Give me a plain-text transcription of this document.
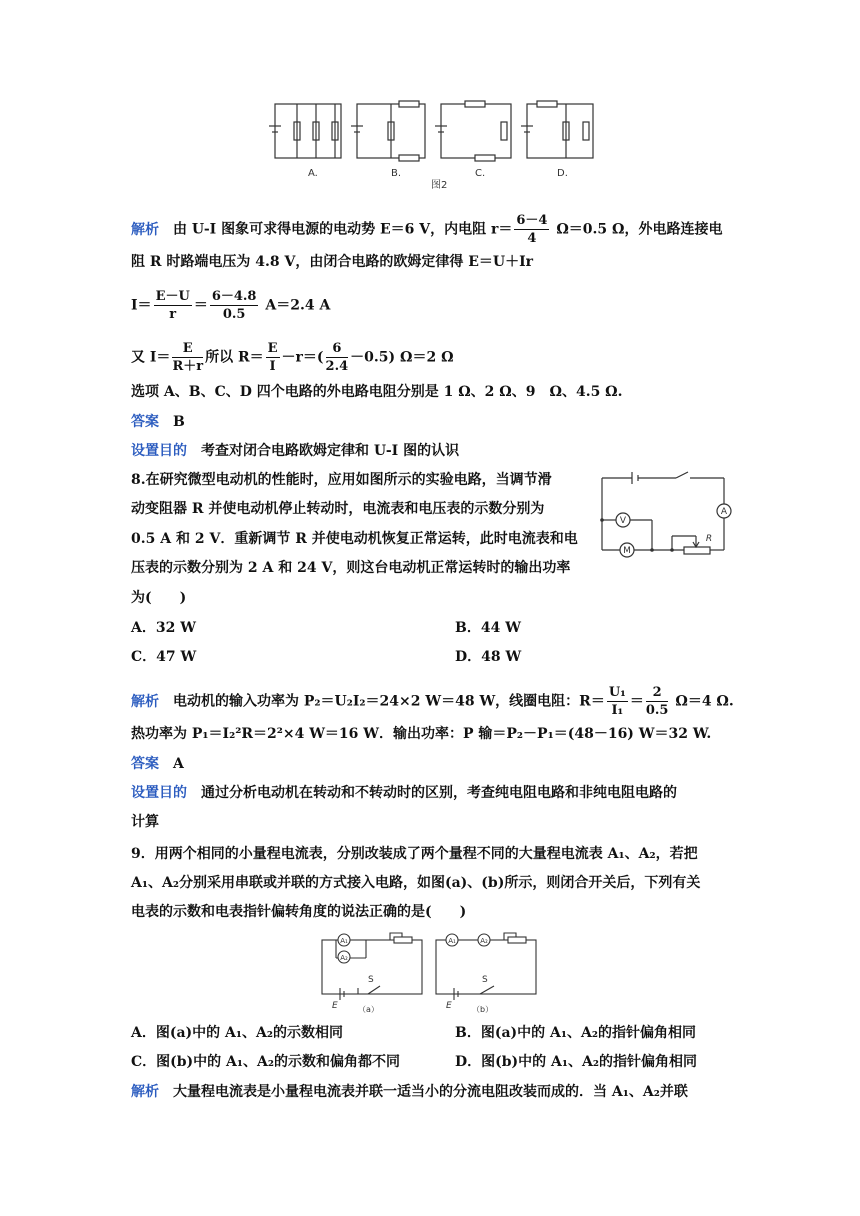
A.	B.	C.	D.
图2
解析 由 U-I 图象可求得电源的电动势 E＝6 V，内电阻 $r= \frac{6-4}{4} \Omega=0.5$ Ω，外电路连接电
阻 R 时路端电压为 4.8 V，由闭合电路的欧姆定律得 E＝U＋Ir
$I= \frac{E-U}{r} = \frac{6-4.8}{0.5} A=2.4$ A
又 $I= \frac{E}{R+r}$ 所以 $R= \frac{E}{I} -r=( \frac{6}{2.4} -0.5)$ Ω＝2 Ω
选项 A、B、C、D 四个电路的外电路电阻分别是 1 Ω、2 Ω、9　Ω、4.5 Ω.
答案 B
设置目的 考查对闭合电路欧姆定律和 U-I 图的认识
8.在研究微型电动机的性能时，应用如图所示的实验电路，当调节滑
动变阻器 R 并使电动机停止转动时，电流表和电压表的示数分别为
0.5 A 和 2 V．重新调节 R 并使电动机恢复正常运转，此时电流表和电
压表的示数分别为 2 A 和 24 V，则这台电动机正常运转时的输出功率
为(　　)
V
A
M
R
A．32 W	B．44 W
C．47 W	D．48 W
解析 电动机的输入功率为 P₂＝U₂I₂＝24×2 W＝48 W，线圈电阻：$R= \frac{\text{U₁}}{\text{I₁}} = \frac{2}{0.5} \Omega=4$ Ω.
热功率为 P₁＝I₂²R＝2²×4 W＝16 W．输出功率：P 输＝P₂－P₁＝(48－16) W＝32 W.
答案 A
设置目的 通过分析电动机在转动和不转动时的区别，考查纯电阻电路和非纯电阻电路的
计算
9．用两个相同的小量程电流表，分别改装成了两个量程不同的大量程电流表 A₁、A₂，若把
A₁、A₂分别采用串联或并联的方式接入电路，如图(a)、(b)所示，则闭合开关后，下列有关
电表的示数和电表指针偏转角度的说法正确的是(　　)
A₁
A₂
A₁	A₂
S	S
E	E
（a）	（b）
A．图(a)中的 A₁、A₂的示数相同	B．图(a)中的 A₁、A₂的指针偏角相同
C．图(b)中的 A₁、A₂的示数和偏角都不同	D．图(b)中的 A₁、A₂的指针偏角相同
解析 大量程电流表是小量程电流表并联一适当小的分流电阻改装而成的．当 A₁、A₂并联
